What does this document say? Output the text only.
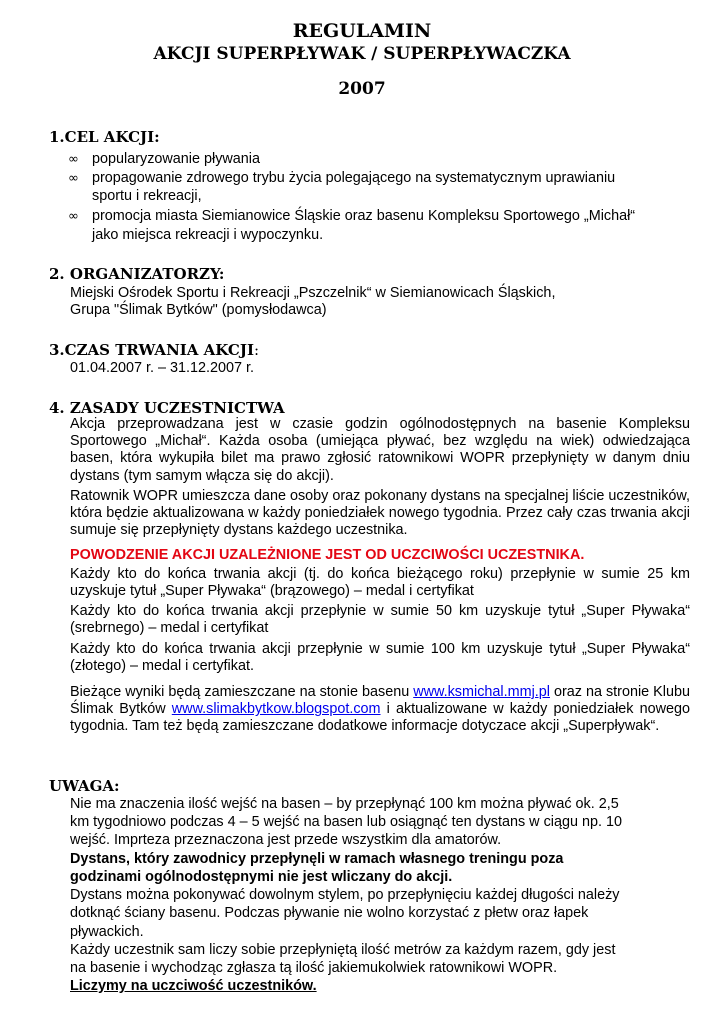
REGULAMIN
AKCJI SUPERPŁYWAK / SUPERPŁYWACZKA
2007
1.CEL AKCJI:
∞ popularyzowanie pływania
∞ propagowanie zdrowego trybu życia polegającego na systematycznym uprawianiu
sportu i rekreacji,
∞ promocja miasta Siemianowice Śląskie oraz basenu Kompleksu Sportowego „Michał“
jako miejsca rekreacji i wypoczynku.
2. ORGANIZATORZY:
Miejski Ośrodek Sportu i Rekreacji „Pszczelnik“ w Siemianowicach Śląskich,
Grupa "Ślimak Bytków" (pomysłodawca)
3.CZAS TRWANIA AKCJI:
01.04.2007 r. – 31.12.2007 r.
4. ZASADY UCZESTNICTWA
Akcja przeprowadzana jest w czasie godzin ogólnodostępnych na basenie Kompleksu Sportowego „Michał“. Każda osoba (umiejąca pływać, bez względu na wiek) odwiedzająca basen, która wykupiła bilet ma prawo zgłosić ratownikowi WOPR przepłynięty w danym dniu dystans (tym samym włącza się do akcji).
Ratownik WOPR umieszcza dane osoby oraz pokonany dystans na specjalnej liście uczestników, która będzie aktualizowana w każdy poniedziałek nowego tygodnia. Przez cały czas trwania akcji sumuje się przepłynięty dystans każdego uczestnika.
POWODZENIE AKCJI UZALEŻNIONE JEST OD UCZCIWOŚCI UCZESTNIKA.
Każdy kto do końca trwania akcji (tj. do końca bieżącego roku) przepłynie w sumie 25 km uzyskuje tytuł „Super Pływaka“ (brązowego) – medal i certyfikat
Każdy kto do końca trwania akcji przepłynie w sumie 50 km uzyskuje tytuł „Super Pływaka“ (srebrnego) – medal i certyfikat
Każdy kto do końca trwania akcji przepłynie w sumie 100 km uzyskuje tytuł „Super Pływaka“ (złotego) – medal i certyfikat.
Bieżące wyniki będą zamieszczane na stonie basenu www.ksmichal.mmj.pl oraz na stronie Klubu Ślimak Bytków www.slimakbytkow.blogspot.com i aktualizowane w każdy poniedziałek nowego tygodnia. Tam też będą zamieszczane dodatkowe informacje dotyczace akcji „Superpływak“.
UWAGA:
Nie ma znaczenia ilość wejść na basen – by przepłynąć 100 km można pływać ok. 2,5
km tygodniowo podczas 4 – 5 wejść na basen lub osiągnąć ten dystans w ciągu np. 10
wejść. Imprteza przeznaczona jest przede wszystkim dla amatorów.
Dystans, który zawodnicy przepłynęli w ramach własnego treningu poza
godzinami ogólnodostępnymi nie jest wliczany do akcji.
Dystans można pokonywać dowolnym stylem, po przepłynięciu każdej długości należy
dotknąć ściany basenu. Podczas pływanie nie wolno korzystać z płetw oraz łapek
pływackich.
Każdy uczestnik sam liczy sobie przepłyniętą ilość metrów za każdym razem, gdy jest
na basenie i wychodząc zgłasza tą ilość jakiemukolwiek ratownikowi WOPR.
Liczymy na uczciwość uczestników.
